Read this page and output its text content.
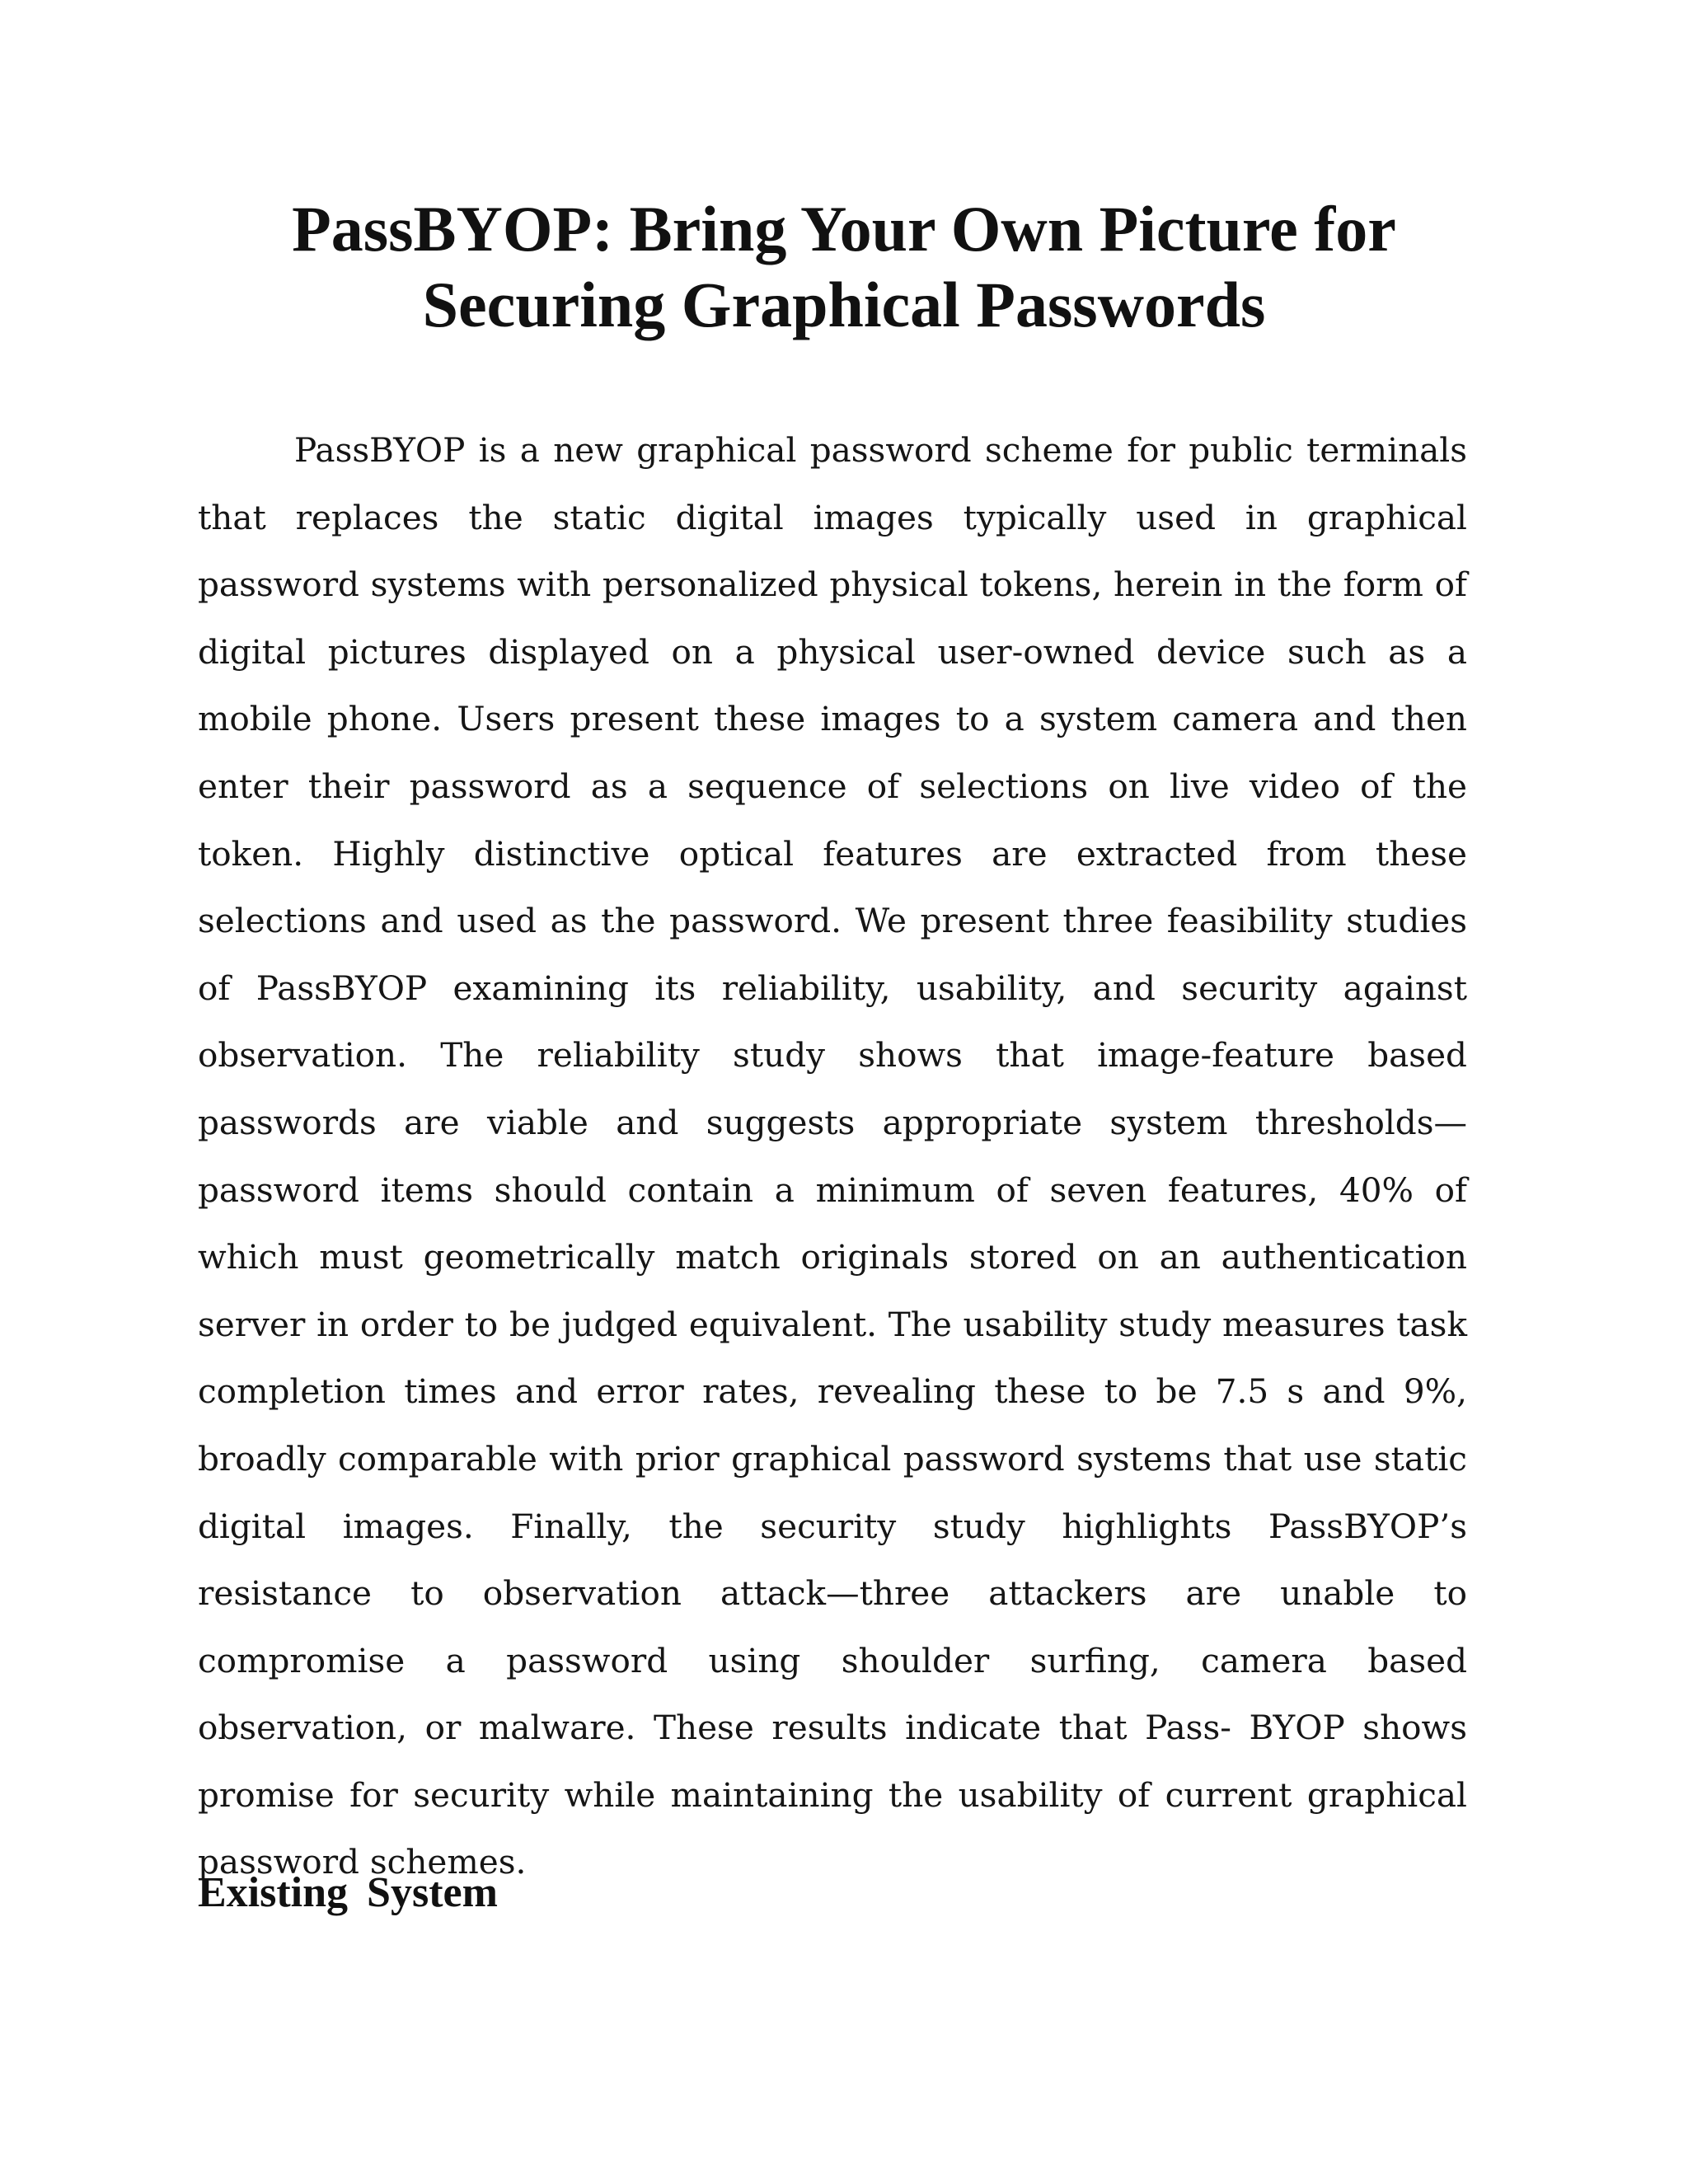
PassBYOP: Bring Your Own Picture for
Securing Graphical Passwords

PassBYOP is a new graphical password scheme for public terminals that replaces the static digital images typically used in graphical password systems with personalized physical tokens, herein in the form of digital pictures displayed on a physical user-owned device such as a mobile phone. Users present these images to a system camera and then enter their password as a sequence of selections on live video of the token. Highly distinctive optical features are extracted from these selections and used as the password. We present three feasibility studies of PassBYOP examining its reliability, usability, and security against observation. The reliability study shows that image-feature based passwords are viable and suggests appropriate system thresholds—password items should contain a minimum of seven features, 40% of which must geometrically match originals stored on an authentication server in order to be judged equivalent. The usability study measures task completion times and error rates, revealing these to be 7.5 s and 9%, broadly comparable with prior graphical password systems that use static digital images. Finally, the security study highlights PassBYOP’s resistance to observation attack—three attackers are unable to compromise a password using shoulder surfing, camera based observation, or malware. These results indicate that Pass- BYOP shows promise for security while maintaining the usability of current graphical password schemes.

Existing System
